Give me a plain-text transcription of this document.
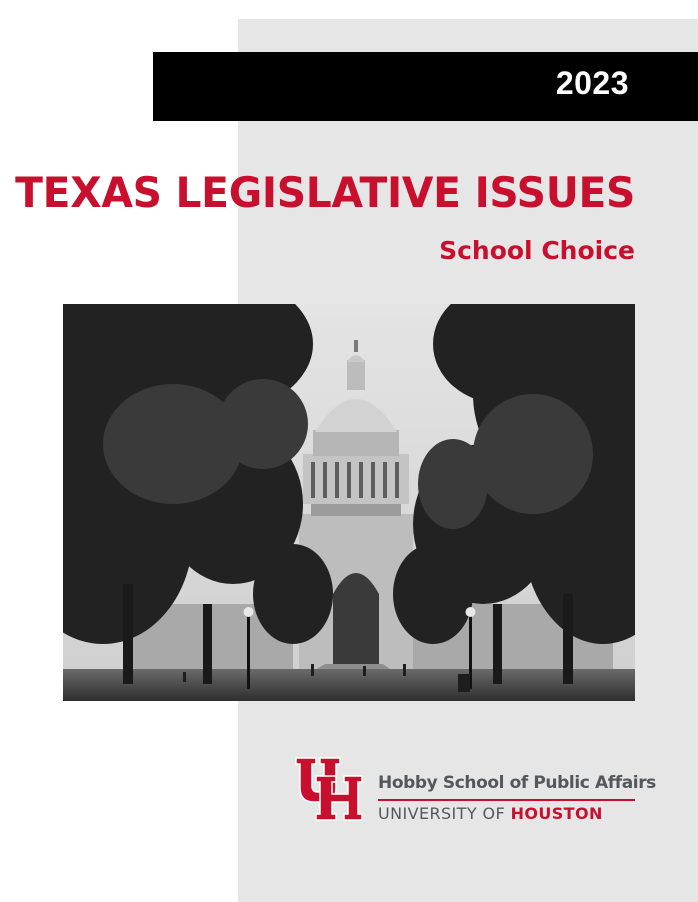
2023
TEXAS LEGISLATIVE ISSUES
School Choice
Hobby School of Public Affairs
UNIVERSITY OF HOUSTON
